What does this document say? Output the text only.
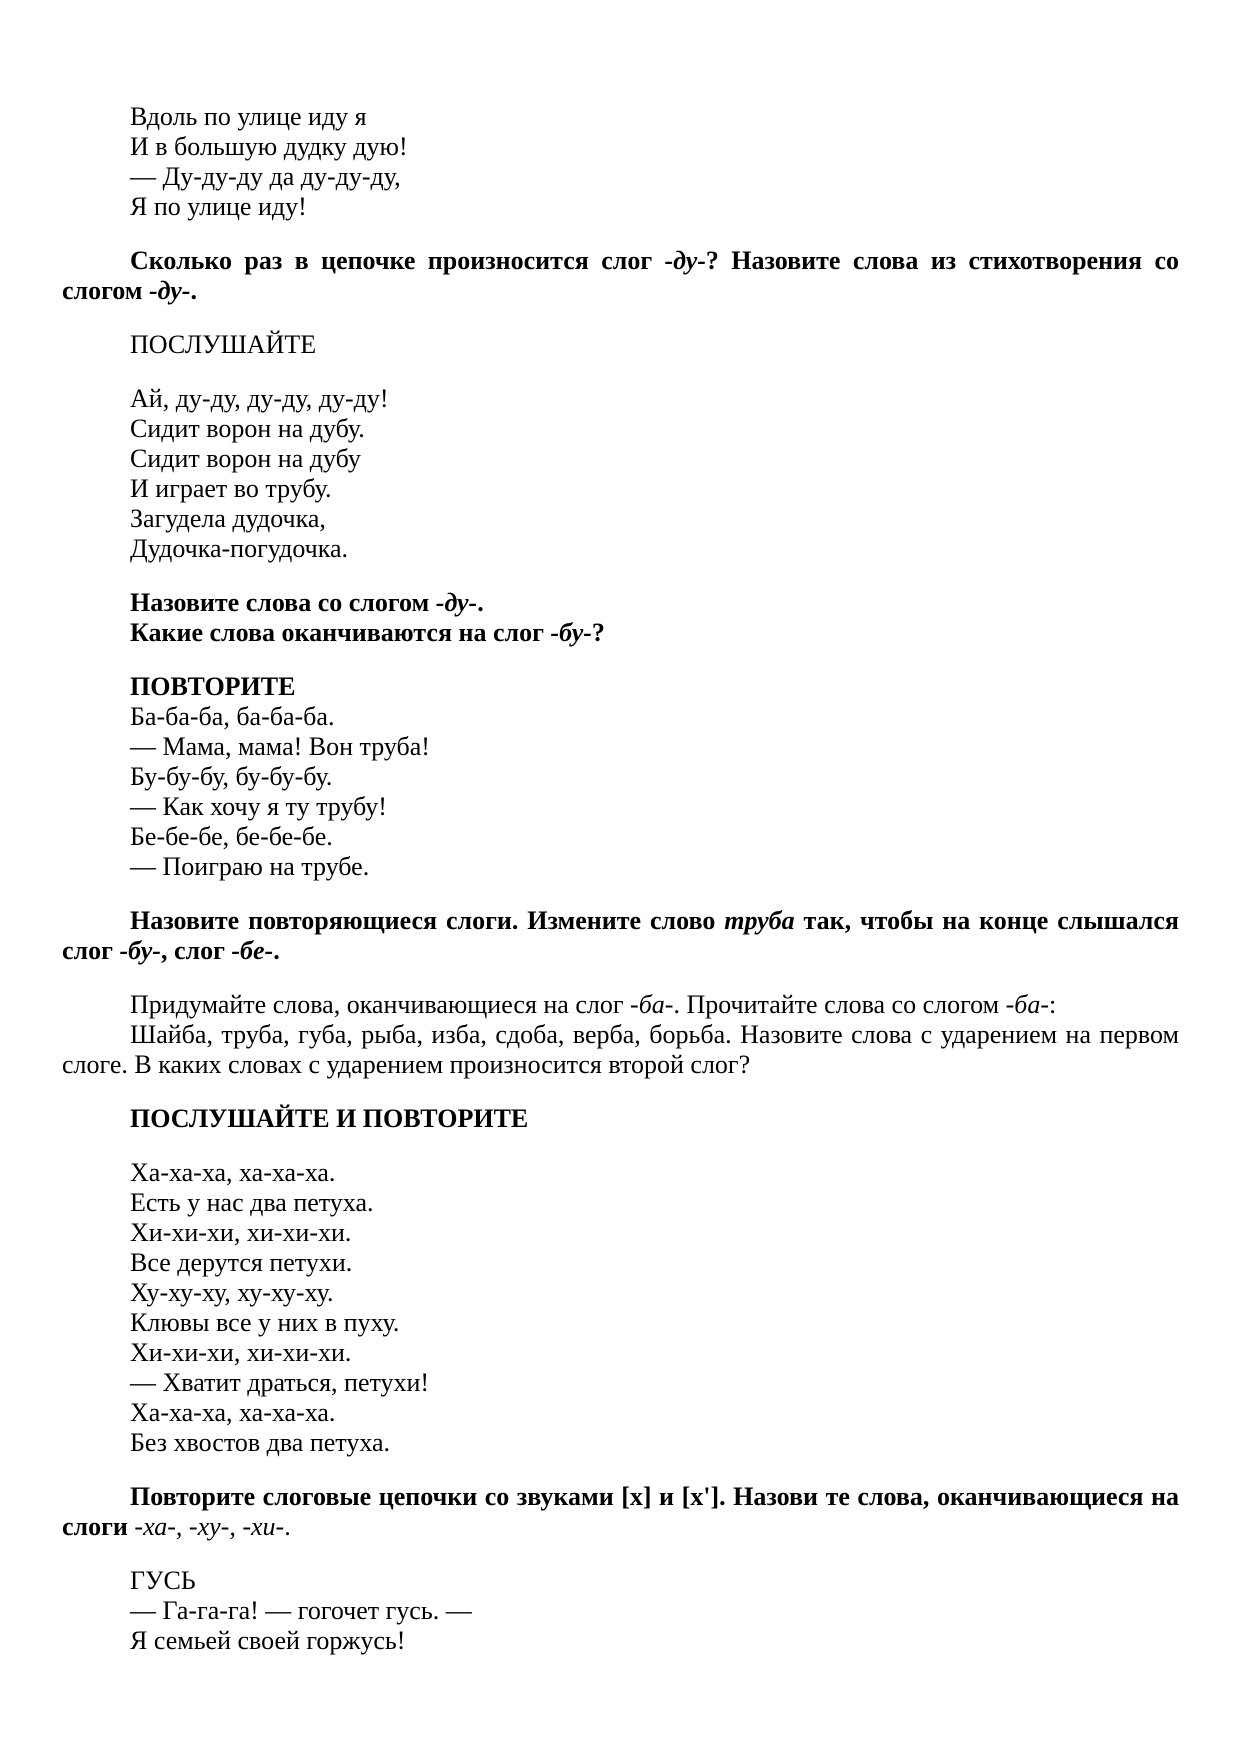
Вдоль по улице иду я
И в большую дудку дую!
— Ду-ду-ду да ду-ду-ду,
Я по улице иду!

Сколько раз в цепочке произносится слог -ду-? Назовите слова из стихотворения со слогом -ду-.

ПОСЛУШАЙТЕ
Ай, ду-ду, ду-ду, ду-ду!
Сидит ворон на дубу.
Сидит ворон на дубу
И играет во трубу.
Загудела дудочка,
Дудочка-погудочка.
Назовите слова со слогом -ду-.
Какие слова оканчиваются на слог -бу-?
ПОВТОРИТЕ
Ба-ба-ба, ба-ба-ба.
— Мама, мама! Вон труба!
Бу-бу-бу, бу-бу-бу.
— Как хочу я ту трубу!
Бе-бе-бе, бе-бе-бе.
— Поиграю на трубе.

Назовите повторяющиеся слоги. Измените слово труба так, чтобы на конце слышался слог -бу-, слог -бе-.

Придумайте слова, оканчивающиеся на слог -ба-. Прочитайте слова со слогом -ба-:

Шайба, труба, губа, рыба, изба, сдоба, верба, борьба. Назовите слова с ударением на первом слоге. В каких словах с ударением произносится второй слог?

ПОСЛУШАЙТЕ И ПОВТОРИТЕ
Ха-ха-ха, ха-ха-ха.
Есть у нас два петуха.
Хи-хи-хи, хи-хи-хи.
Все дерутся петухи.
Ху-ху-ху, ху-ху-ху.
Клювы все у них в пуху.
Хи-хи-хи, хи-хи-хи.
— Хватит драться, петухи!
Ха-ха-ха, ха-ха-ха.
Без хвостов два петуха.

Повторите слоговые цепочки со звуками [х] и [х']. Назови те слова, оканчивающиеся на слоги -ха-, -ху-, -хи-.

ГУСЬ
— Га-га-га! — гогочет гусь. —
Я семьей своей горжусь!
